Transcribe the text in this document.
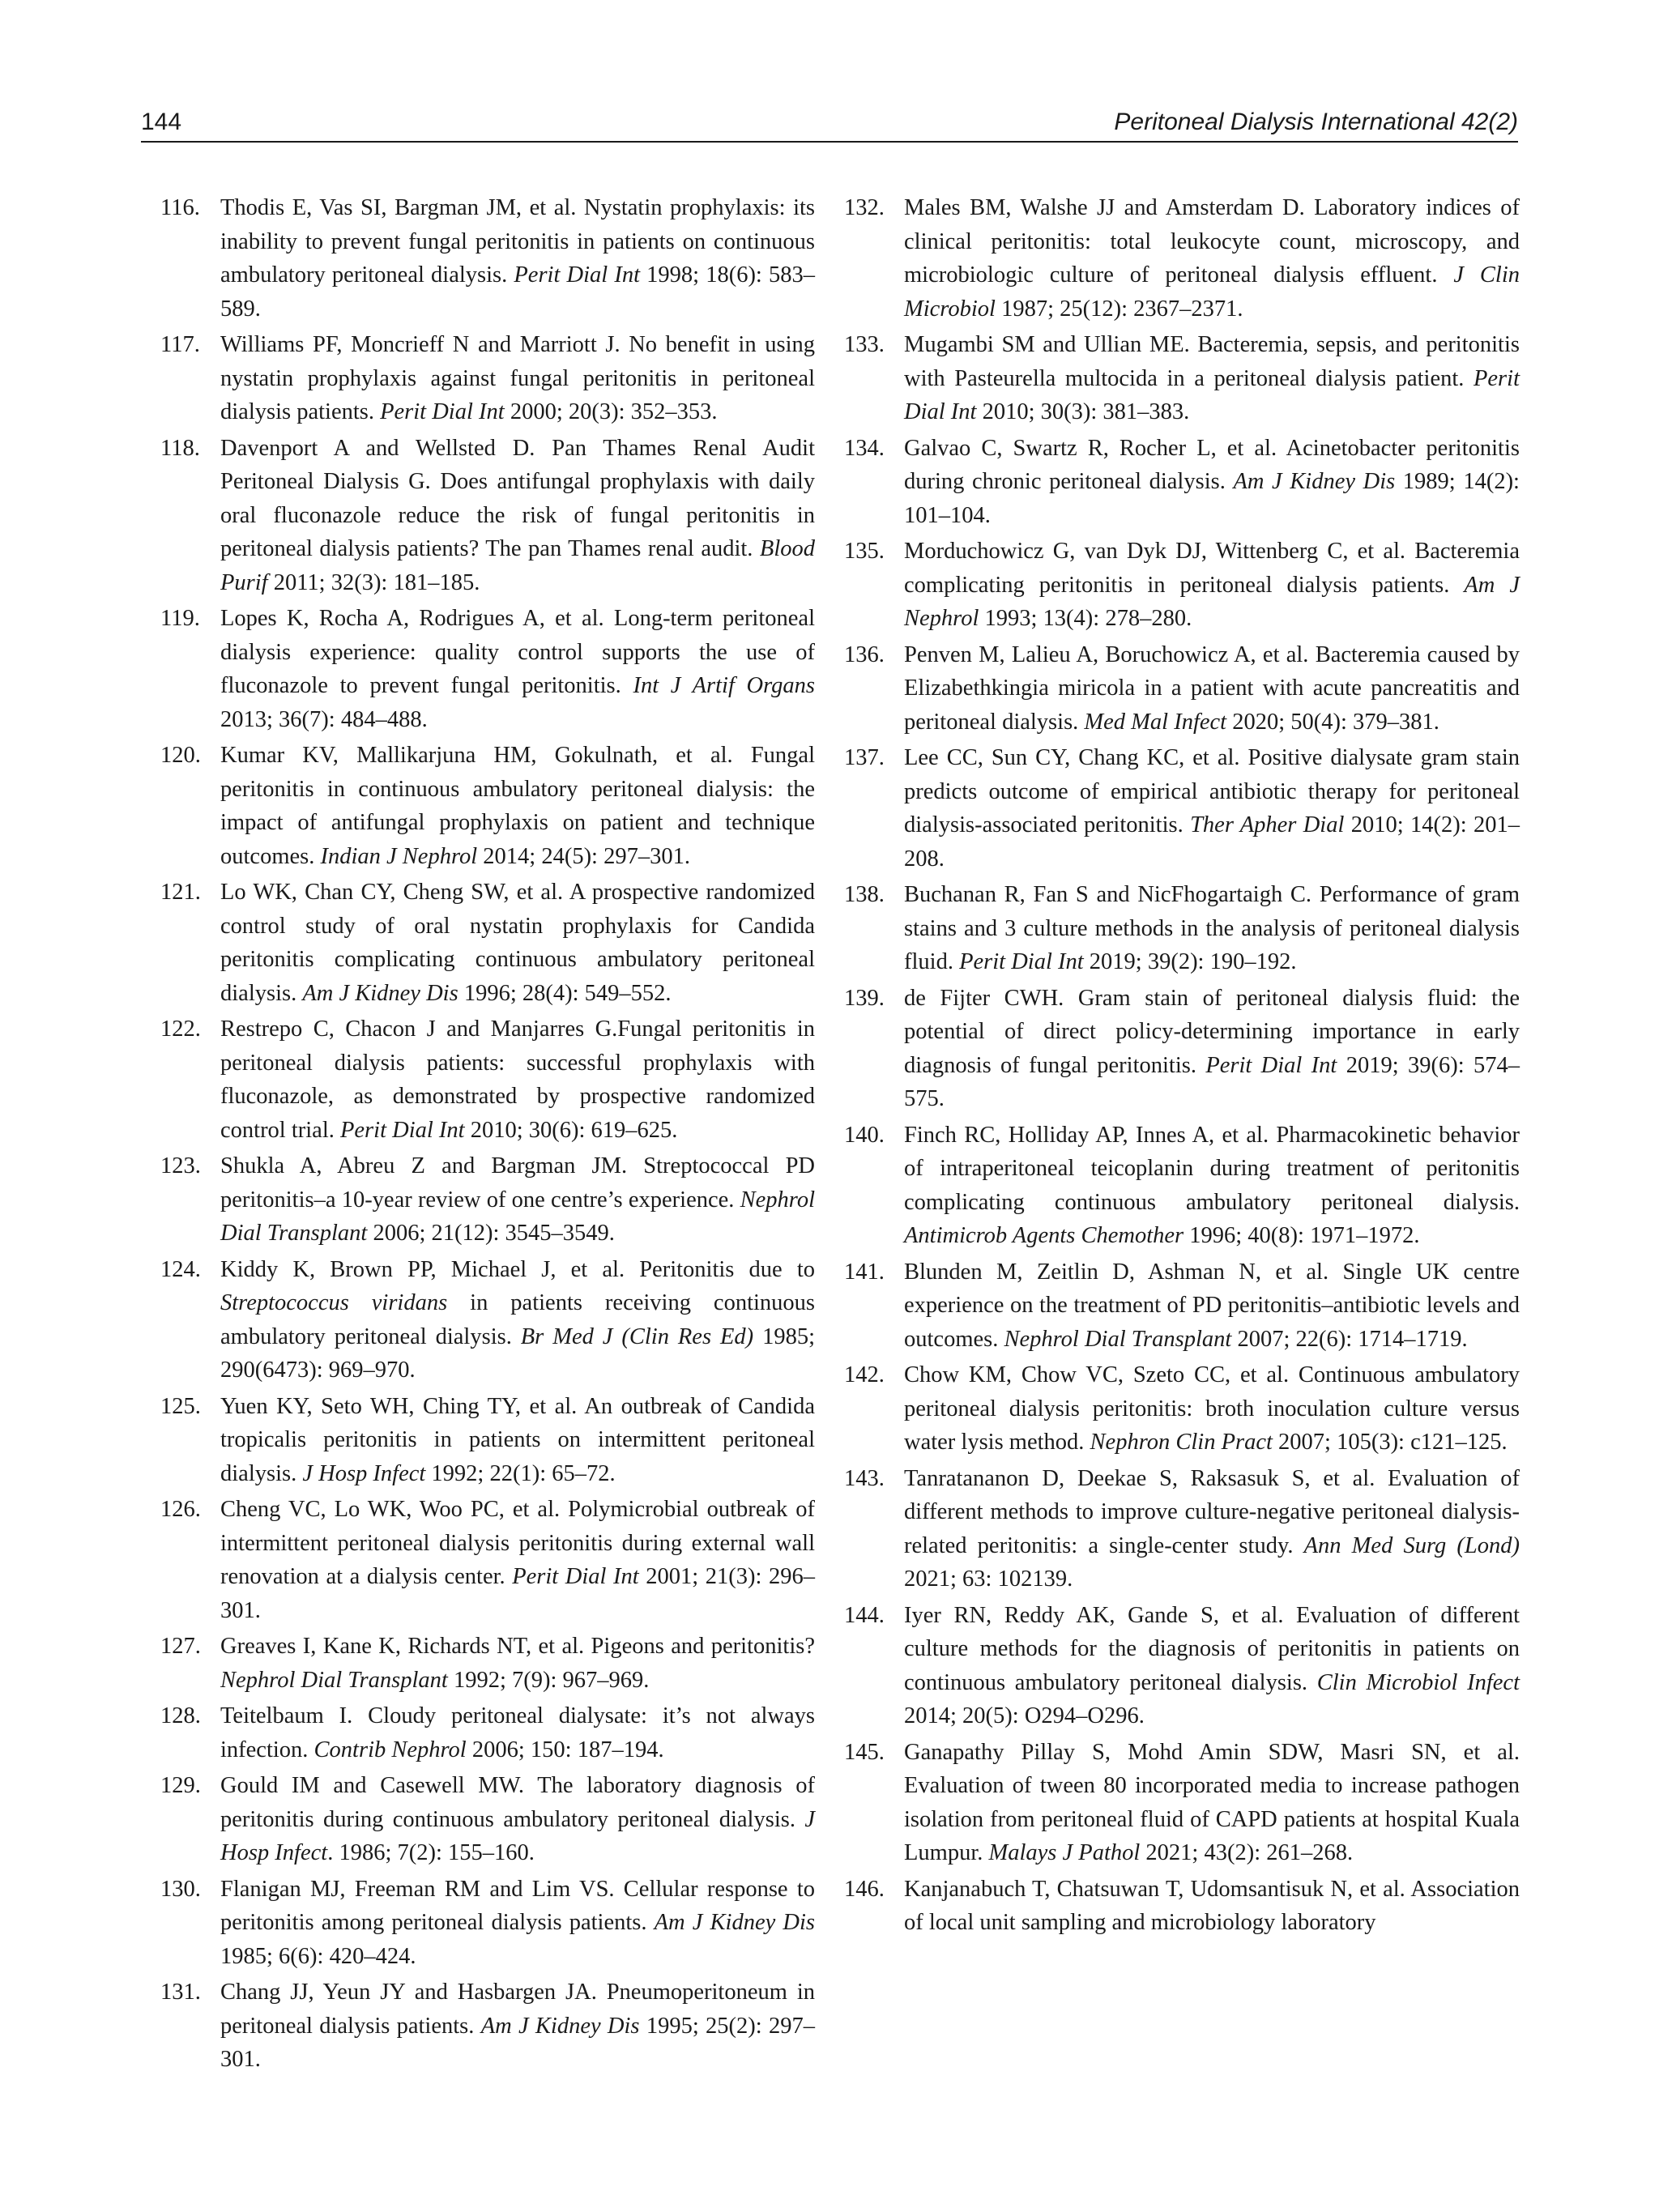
144	Peritoneal Dialysis International 42(2)
116. Thodis E, Vas SI, Bargman JM, et al. Nystatin prophylaxis: its inability to prevent fungal peritonitis in patients on continuous ambulatory peritoneal dialysis. Perit Dial Int 1998; 18(6): 583–589.
117. Williams PF, Moncrieff N and Marriott J. No benefit in using nystatin prophylaxis against fungal peritonitis in peritoneal dialysis patients. Perit Dial Int 2000; 20(3): 352–353.
118. Davenport A and Wellsted D. Pan Thames Renal Audit Peritoneal Dialysis G. Does antifungal prophylaxis with daily oral fluconazole reduce the risk of fungal peritonitis in peritoneal dialysis patients? The pan Thames renal audit. Blood Purif 2011; 32(3): 181–185.
119. Lopes K, Rocha A, Rodrigues A, et al. Long-term peritoneal dialysis experience: quality control supports the use of fluconazole to prevent fungal peritonitis. Int J Artif Organs 2013; 36(7): 484–488.
120. Kumar KV, Mallikarjuna HM, Gokulnath, et al. Fungal peritonitis in continuous ambulatory peritoneal dialysis: the impact of antifungal prophylaxis on patient and technique outcomes. Indian J Nephrol 2014; 24(5): 297–301.
121. Lo WK, Chan CY, Cheng SW, et al. A prospective randomized control study of oral nystatin prophylaxis for Candida peritonitis complicating continuous ambulatory peritoneal dialysis. Am J Kidney Dis 1996; 28(4): 549–552.
122. Restrepo C, Chacon J and Manjarres G.Fungal peritonitis in peritoneal dialysis patients: successful prophylaxis with fluconazole, as demonstrated by prospective randomized control trial. Perit Dial Int 2010; 30(6): 619–625.
123. Shukla A, Abreu Z and Bargman JM. Streptococcal PD peritonitis–a 10-year review of one centre’s experience. Nephrol Dial Transplant 2006; 21(12): 3545–3549.
124. Kiddy K, Brown PP, Michael J, et al. Peritonitis due to Streptococcus viridans in patients receiving continuous ambulatory peritoneal dialysis. Br Med J (Clin Res Ed) 1985; 290(6473): 969–970.
125. Yuen KY, Seto WH, Ching TY, et al. An outbreak of Candida tropicalis peritonitis in patients on intermittent peritoneal dialysis. J Hosp Infect 1992; 22(1): 65–72.
126. Cheng VC, Lo WK, Woo PC, et al. Polymicrobial outbreak of intermittent peritoneal dialysis peritonitis during external wall renovation at a dialysis center. Perit Dial Int 2001; 21(3): 296–301.
127. Greaves I, Kane K, Richards NT, et al. Pigeons and peritonitis? Nephrol Dial Transplant 1992; 7(9): 967–969.
128. Teitelbaum I. Cloudy peritoneal dialysate: it’s not always infection. Contrib Nephrol 2006; 150: 187–194.
129. Gould IM and Casewell MW. The laboratory diagnosis of peritonitis during continuous ambulatory peritoneal dialysis. J Hosp Infect. 1986; 7(2): 155–160.
130. Flanigan MJ, Freeman RM and Lim VS. Cellular response to peritonitis among peritoneal dialysis patients. Am J Kidney Dis 1985; 6(6): 420–424.
131. Chang JJ, Yeun JY and Hasbargen JA. Pneumoperitoneum in peritoneal dialysis patients. Am J Kidney Dis 1995; 25(2): 297–301.
132. Males BM, Walshe JJ and Amsterdam D. Laboratory indices of clinical peritonitis: total leukocyte count, microscopy, and microbiologic culture of peritoneal dialysis effluent. J Clin Microbiol 1987; 25(12): 2367–2371.
133. Mugambi SM and Ullian ME. Bacteremia, sepsis, and peritonitis with Pasteurella multocida in a peritoneal dialysis patient. Perit Dial Int 2010; 30(3): 381–383.
134. Galvao C, Swartz R, Rocher L, et al. Acinetobacter peritonitis during chronic peritoneal dialysis. Am J Kidney Dis 1989; 14(2): 101–104.
135. Morduchowicz G, van Dyk DJ, Wittenberg C, et al. Bacteremia complicating peritonitis in peritoneal dialysis patients. Am J Nephrol 1993; 13(4): 278–280.
136. Penven M, Lalieu A, Boruchowicz A, et al. Bacteremia caused by Elizabethkingia miricola in a patient with acute pancreatitis and peritoneal dialysis. Med Mal Infect 2020; 50(4): 379–381.
137. Lee CC, Sun CY, Chang KC, et al. Positive dialysate gram stain predicts outcome of empirical antibiotic therapy for peritoneal dialysis-associated peritonitis. Ther Apher Dial 2010; 14(2): 201–208.
138. Buchanan R, Fan S and NicFhogartaigh C. Performance of gram stains and 3 culture methods in the analysis of peritoneal dialysis fluid. Perit Dial Int 2019; 39(2): 190–192.
139. de Fijter CWH. Gram stain of peritoneal dialysis fluid: the potential of direct policy-determining importance in early diagnosis of fungal peritonitis. Perit Dial Int 2019; 39(6): 574–575.
140. Finch RC, Holliday AP, Innes A, et al. Pharmacokinetic behavior of intraperitoneal teicoplanin during treatment of peritonitis complicating continuous ambulatory peritoneal dialysis. Antimicrob Agents Chemother 1996; 40(8): 1971–1972.
141. Blunden M, Zeitlin D, Ashman N, et al. Single UK centre experience on the treatment of PD peritonitis–antibiotic levels and outcomes. Nephrol Dial Transplant 2007; 22(6): 1714–1719.
142. Chow KM, Chow VC, Szeto CC, et al. Continuous ambulatory peritoneal dialysis peritonitis: broth inoculation culture versus water lysis method. Nephron Clin Pract 2007; 105(3): c121–125.
143. Tanratananon D, Deekae S, Raksasuk S, et al. Evaluation of different methods to improve culture-negative peritoneal dialysis-related peritonitis: a single-center study. Ann Med Surg (Lond) 2021; 63: 102139.
144. Iyer RN, Reddy AK, Gande S, et al. Evaluation of different culture methods for the diagnosis of peritonitis in patients on continuous ambulatory peritoneal dialysis. Clin Microbiol Infect 2014; 20(5): O294–O296.
145. Ganapathy Pillay S, Mohd Amin SDW, Masri SN, et al. Evaluation of tween 80 incorporated media to increase pathogen isolation from peritoneal fluid of CAPD patients at hospital Kuala Lumpur. Malays J Pathol 2021; 43(2): 261–268.
146. Kanjanabuch T, Chatsuwan T, Udomsantisuk N, et al. Association of local unit sampling and microbiology laboratory
